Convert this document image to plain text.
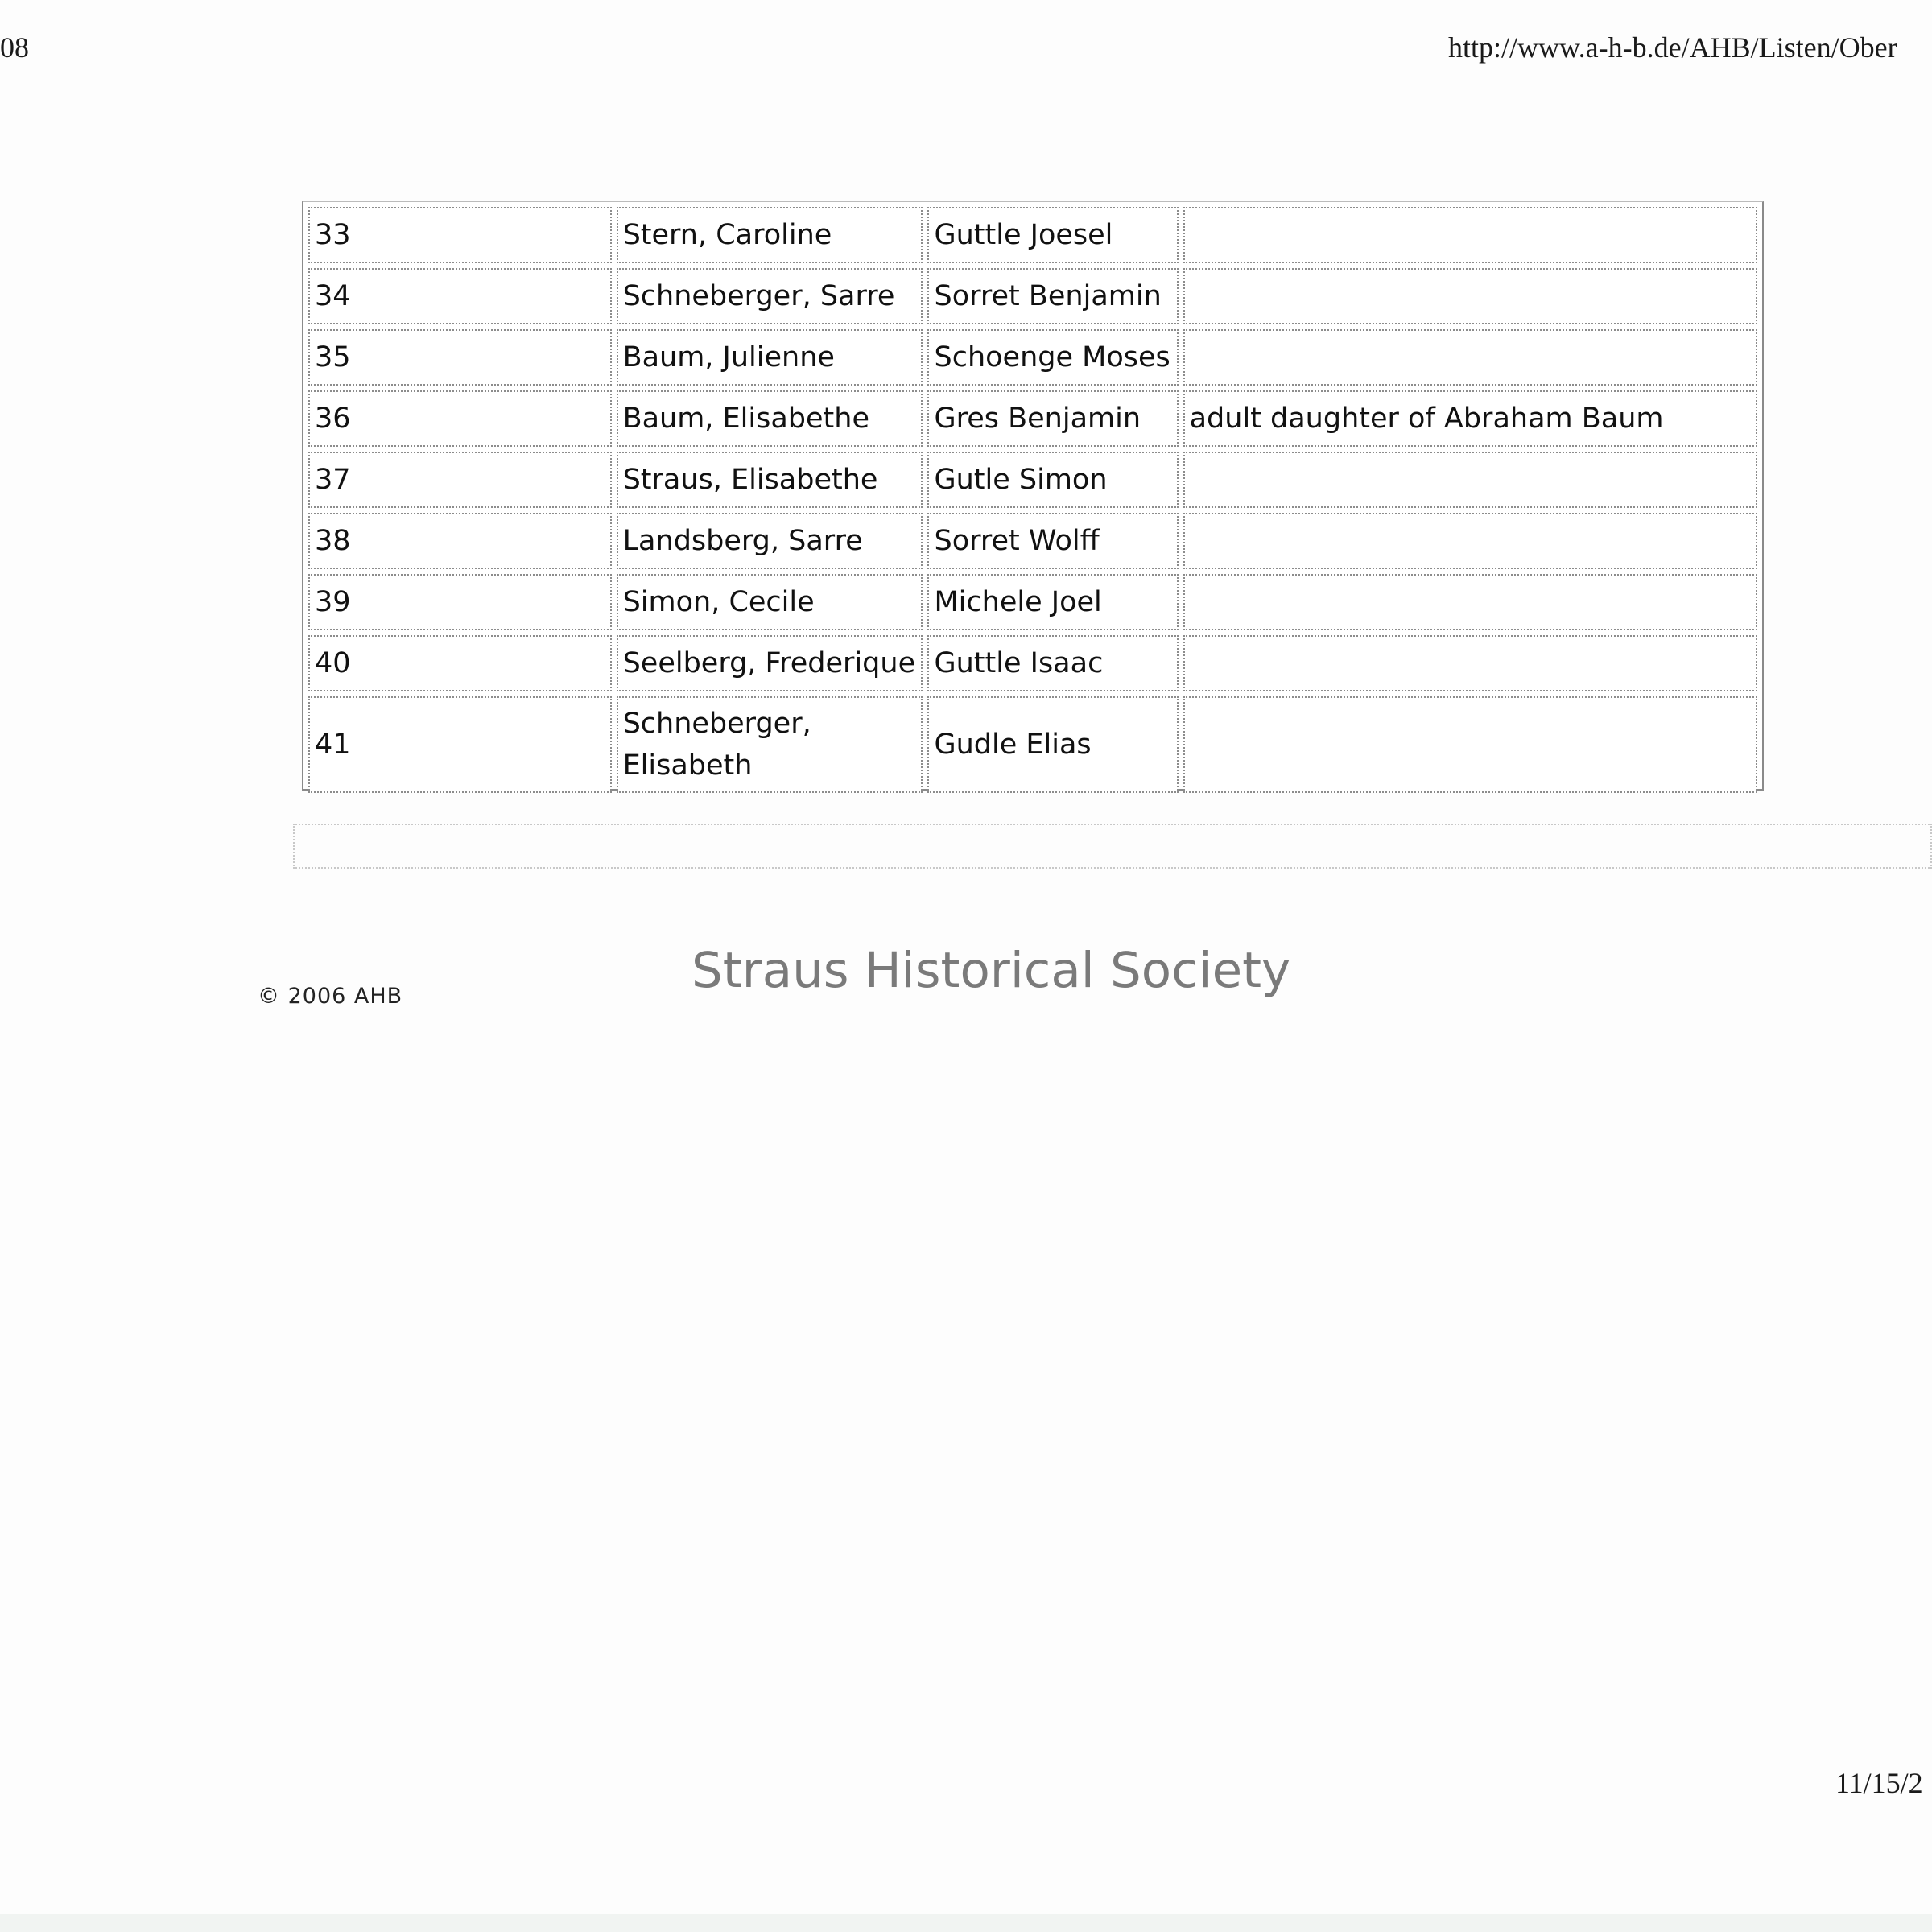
08	http://www.a-h-b.de/AHB/Listen/Ober
33	Stern, Caroline	Guttle Joesel	
34	Schneberger, Sarre	Sorret Benjamin	
35	Baum, Julienne	Schoenge Moses	
36	Baum, Elisabethe	Gres Benjamin	adult daughter of Abraham Baum
37	Straus, Elisabethe	Gutle Simon	
38	Landsberg, Sarre	Sorret Wolff	
39	Simon, Cecile	Michele Joel	
40	Seelberg, Frederique	Guttle Isaac	
41	Schneberger, Elisabeth	Gudle Elias	
Straus Historical Society
© 2006 AHB
11/15/2
